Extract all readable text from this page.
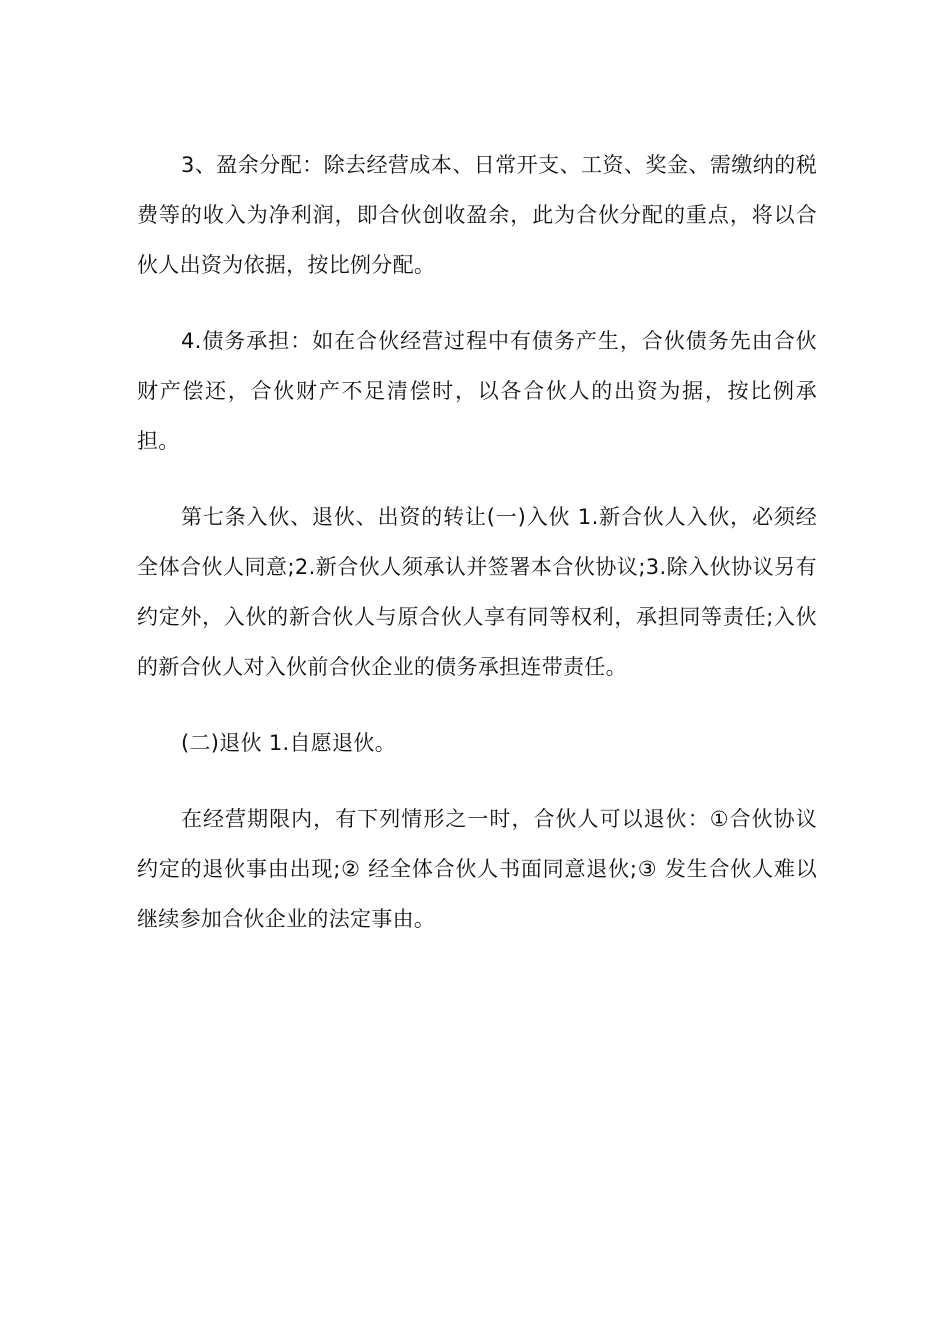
3、盈余分配：除去经营成本、日常开支、工资、奖金、需缴纳的税费等的收入为净利润，即合伙创收盈余，此为合伙分配的重点，将以合伙人出资为依据，按比例分配。

4.债务承担：如在合伙经营过程中有债务产生，合伙债务先由合伙财产偿还，合伙财产不足清偿时，以各合伙人的出资为据，按比例承担。

第七条入伙、退伙、出资的转让(一)入伙 1.新合伙人入伙，必须经全体合伙人同意;2.新合伙人须承认并签署本合伙协议;3.除入伙协议另有约定外，入伙的新合伙人与原合伙人享有同等权利，承担同等责任;入伙的新合伙人对入伙前合伙企业的债务承担连带责任。

(二)退伙 1.自愿退伙。

在经营期限内，有下列情形之一时，合伙人可以退伙：①合伙协议约定的退伙事由出现;② 经全体合伙人书面同意退伙;③ 发生合伙人难以继续参加合伙企业的法定事由。
